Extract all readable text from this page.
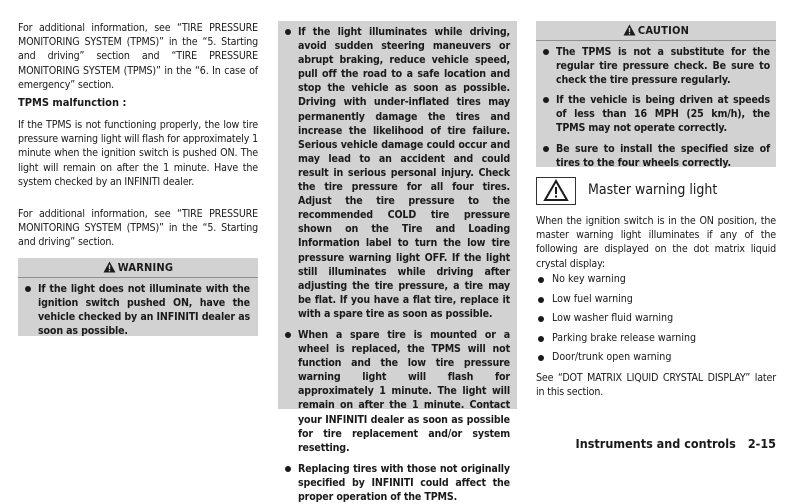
For additional information, see “TIRE PRESSURE MONITORING SYSTEM (TPMS)” in the “5. Starting and driving” section and “TIRE PRESSURE MONITORING SYSTEM (TPMS)” in the “6. In case of emergency” section.

TPMS malfunction :

If the TPMS is not functioning properly, the low tire pressure warning light will flash for approximately 1 minute when the ignition switch is pushed ON. The light will remain on after the 1 minute. Have the system checked by an INFINITI dealer.

For additional information, see “TIRE PRESSURE MONITORING SYSTEM (TPMS)” in the “5. Starting and driving” section.

WARNING
If the light does not illuminate with the ignition switch pushed ON, have the vehicle checked by an INFINITI dealer as soon as possible.
If the light illuminates while driving, avoid sudden steering maneuvers or abrupt braking, reduce vehicle speed, pull off the road to a safe location and stop the vehicle as soon as possible. Driving with under-inflated tires may permanently damage the tires and increase the likelihood of tire failure. Serious vehicle damage could occur and may lead to an accident and could result in serious personal injury. Check the tire pressure for all four tires. Adjust the tire pressure to the recommended COLD tire pressure shown on the Tire and Loading Information label to turn the low tire pressure warning light OFF. If the light still illuminates while driving after adjusting the tire pressure, a tire may be flat. If you have a flat tire, replace it with a spare tire as soon as possible.
When a spare tire is mounted or a wheel is replaced, the TPMS will not function and the low tire pressure warning light will flash for approximately 1 minute. The light will remain on after the 1 minute. Contact your INFINITI dealer as soon as possible for tire replacement and/or system resetting.
Replacing tires with those not originally specified by INFINITI could affect the proper operation of the TPMS.
CAUTION
The TPMS is not a substitute for the regular tire pressure check. Be sure to check the tire pressure regularly.
If the vehicle is being driven at speeds of less than 16 MPH (25 km/h), the TPMS may not operate correctly.
Be sure to install the specified size of tires to the four wheels correctly.
Master warning light

When the ignition switch is in the ON position, the master warning light illuminates if any of the following are displayed on the dot matrix liquid crystal display:

No key warning
Low fuel warning
Low washer fluid warning
Parking brake release warning
Door/trunk open warning

See “DOT MATRIX LIQUID CRYSTAL DISPLAY” later in this section.

Instruments and controls 2-15
